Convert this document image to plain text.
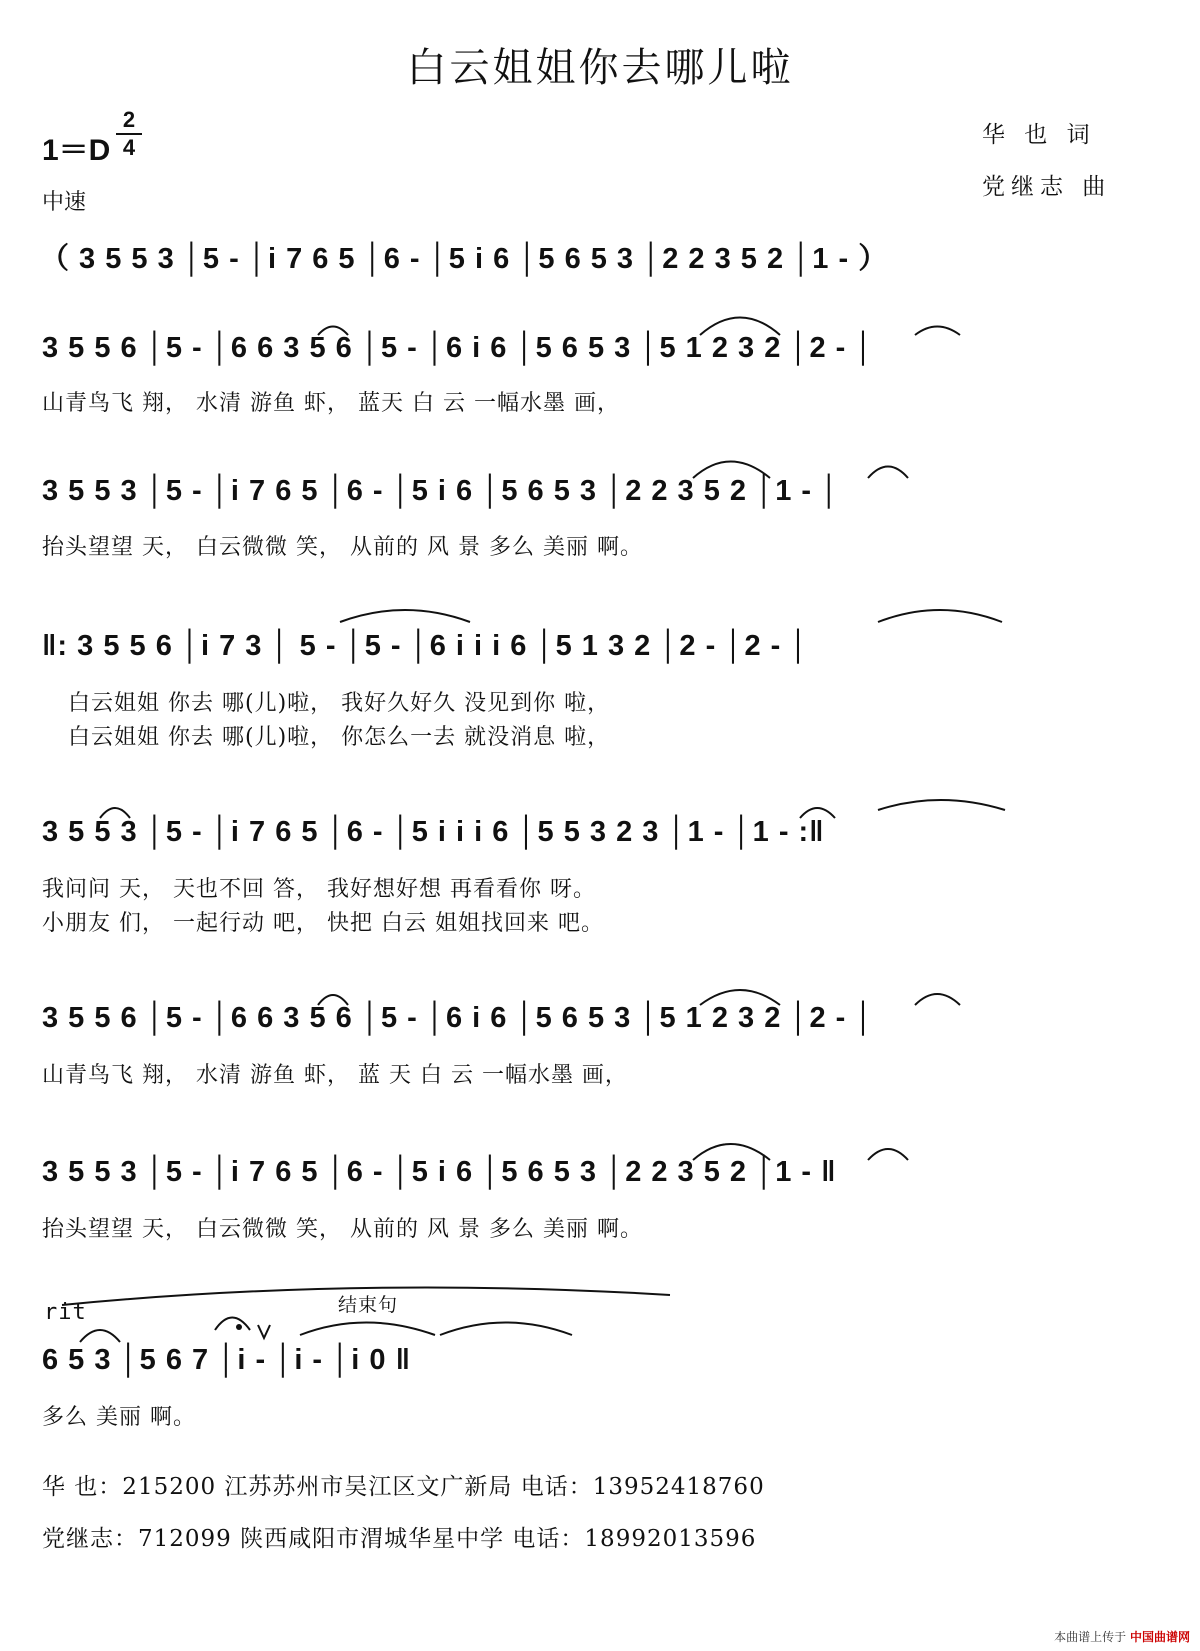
白云姐姐你去哪儿啦
1＝D
2
4
中速
华 也 词
党继志 曲
（ 3 5 5 3 │5 - │i 7 6 5 │6 - │5 i 6 │5 6 5 3 │2 2 3 5 2 │1 - ）
3 5 5 6 │5 - │6 6 3 5 6 │5 - │6 i 6 │5 6 5 3 │5 1 2 3 2 │2 - │
山青鸟飞 翔， 水清 游鱼 虾， 蓝天 白 云 一幅水墨 画，
3 5 5 3 │5 - │i 7 6 5 │6 - │5 i 6 │5 6 5 3 │2 2 3 5 2 │1 - │
抬头望望 天， 白云微微 笑， 从前的 风 景 多么 美丽 啊。
‖: 3 5 5 6 │i 7 3 │ 5 - │5 - │6 i i i 6 │5 1 3 2 │2 - │2 - │
白云姐姐 你去 哪(儿)啦， 我好久好久 没见到你 啦，
白云姐姐 你去 哪(儿)啦， 你怎么一去 就没消息 啦，
3 5 5 3 │5 - │i 7 6 5 │6 - │5 i i i 6 │5 5 3 2 3 │1 - │1 - :‖
我问问 天， 天也不回 答， 我好想好想 再看看你 呀。
小朋友 们， 一起行动 吧， 快把 白云 姐姐找回来 吧。
3 5 5 6 │5 - │6 6 3 5 6 │5 - │6 i 6 │5 6 5 3 │5 1 2 3 2 │2 - │
山青鸟飞 翔， 水清 游鱼 虾， 蓝 天 白 云 一幅水墨 画，
3 5 5 3 │5 - │i 7 6 5 │6 - │5 i 6 │5 6 5 3 │2 2 3 5 2 │1 - ‖
抬头望望 天， 白云微微 笑， 从前的 风 景 多么 美丽 啊。
rit	结束句
6 5 3 │5 6 7 │i - │i - │i 0 ‖
多么 美丽 啊。
华 也：215200 江苏苏州市吴江区文广新局 电话：13952418760
党继志：712099 陕西咸阳市渭城华星中学 电话：18992013596
本曲谱上传于 中国曲谱网
